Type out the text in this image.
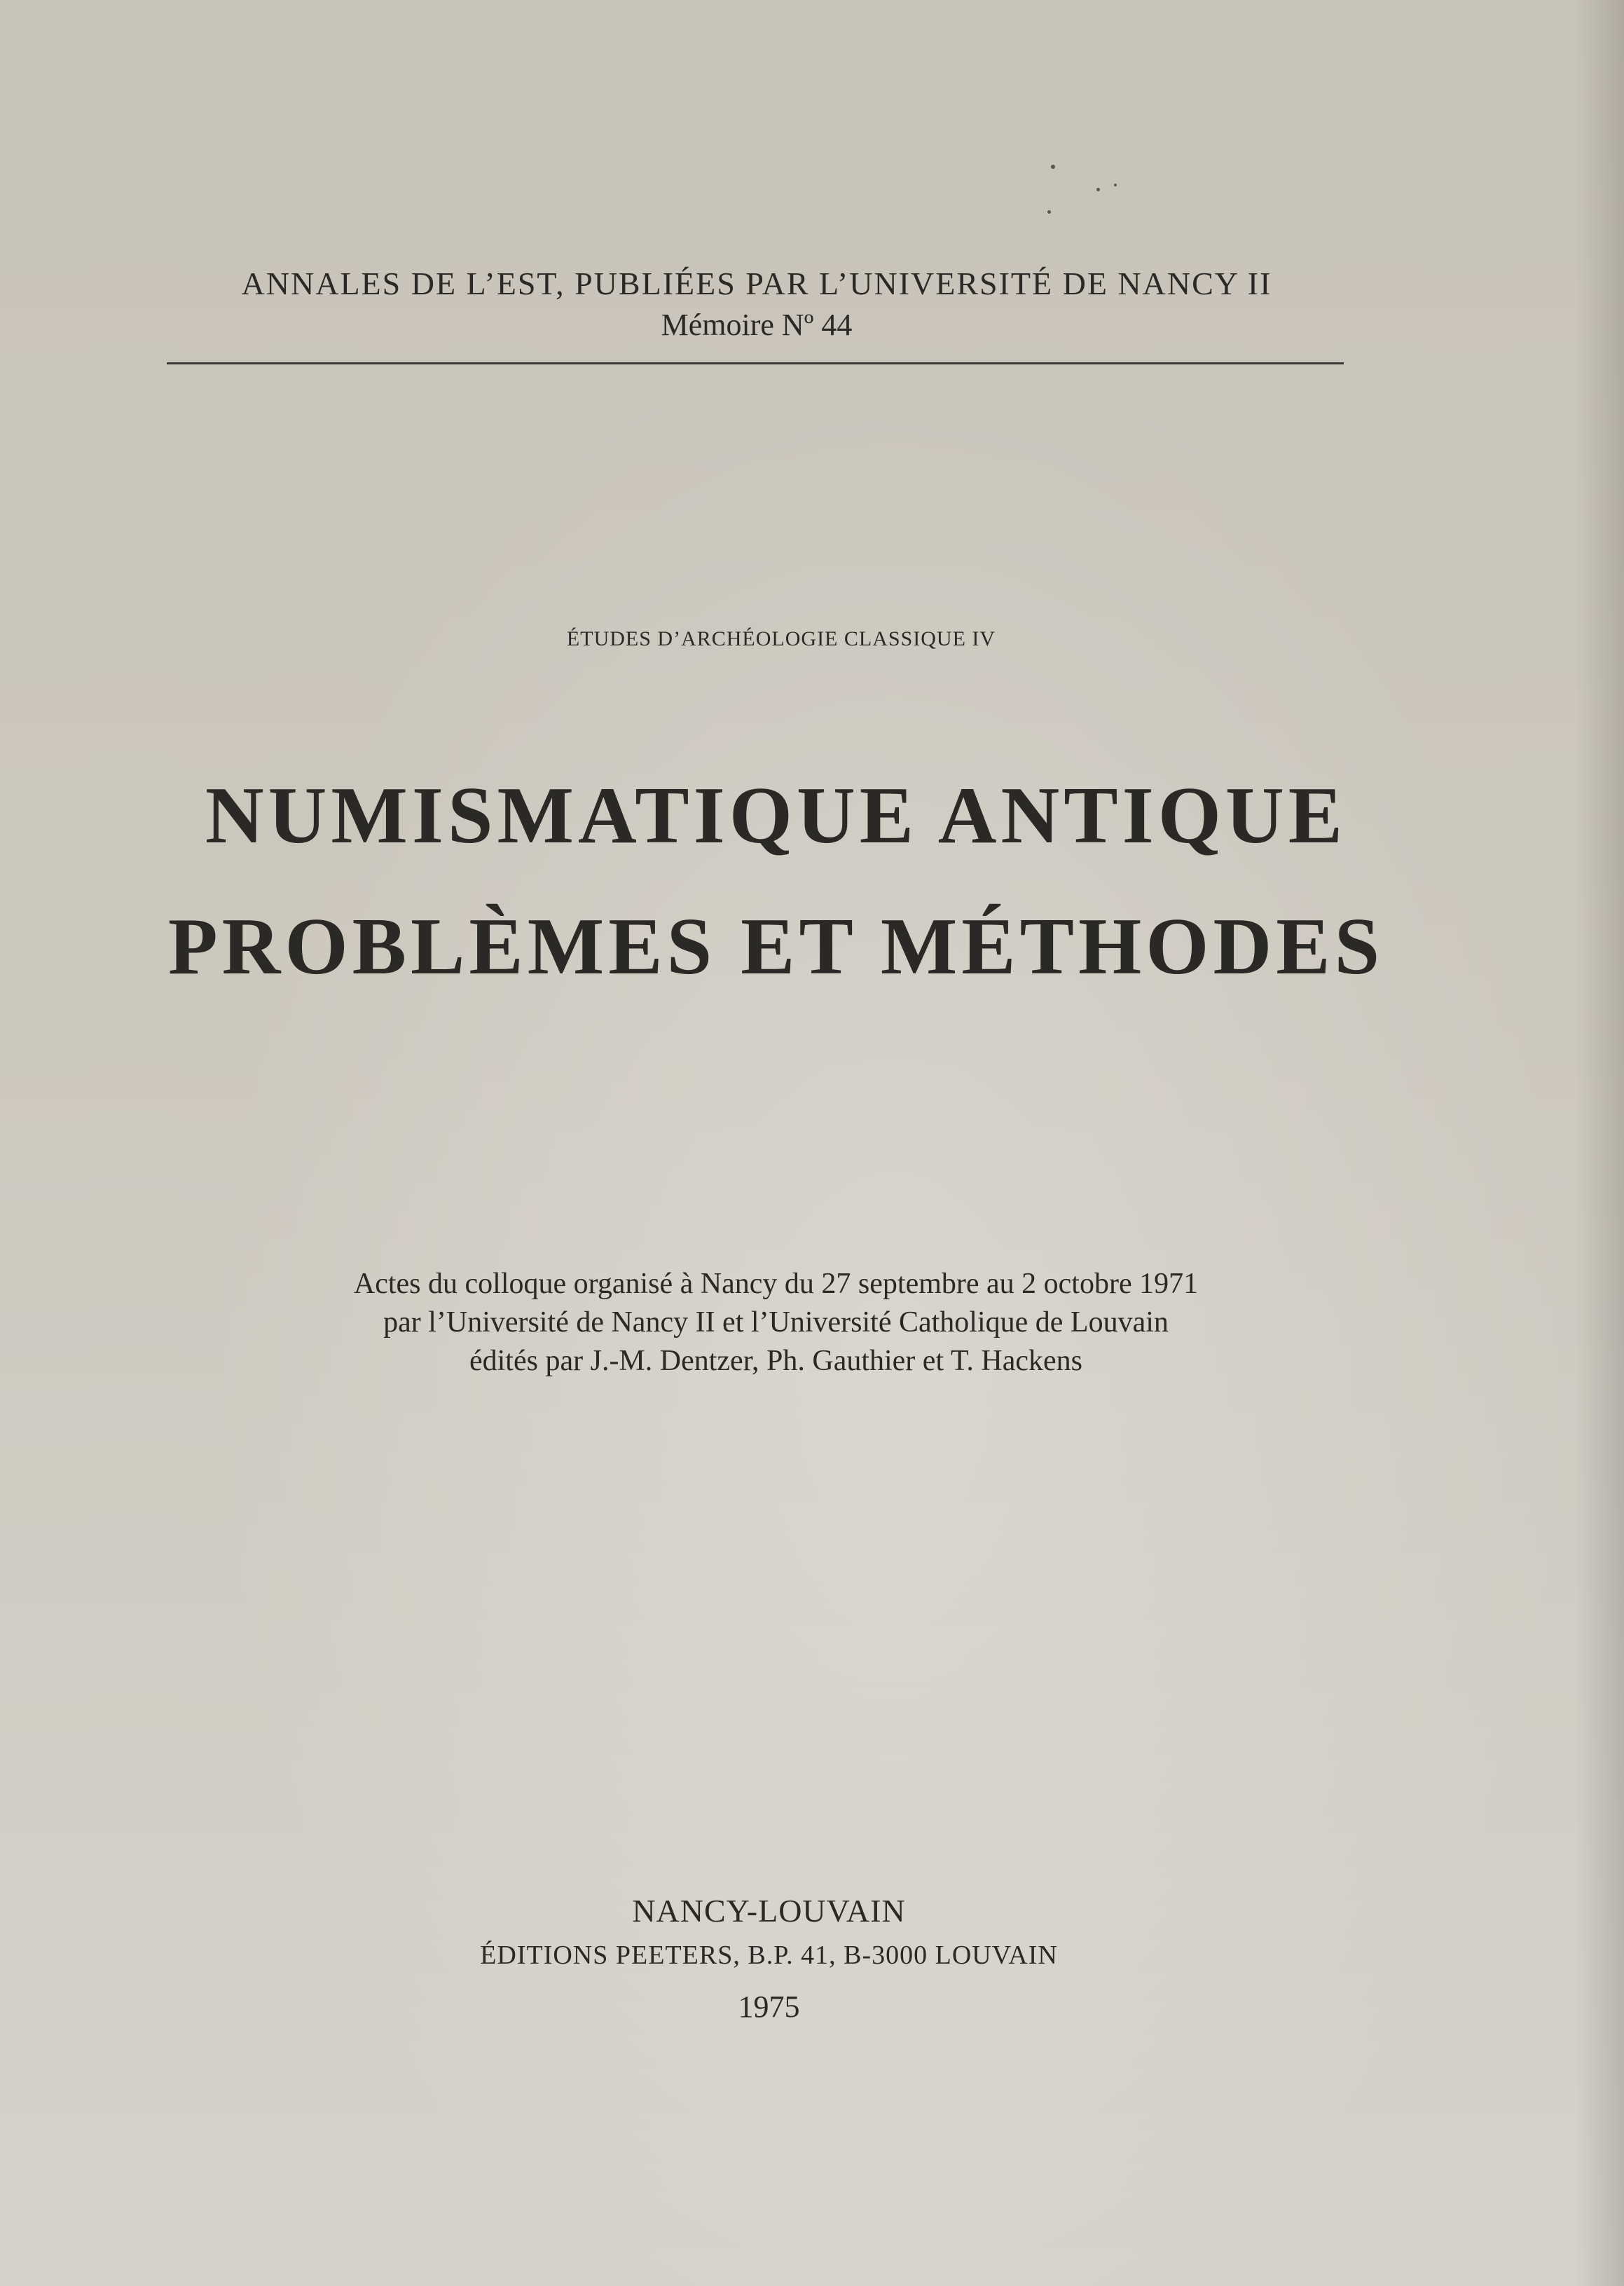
ANNALES DE L’EST, PUBLIÉES PAR L’UNIVERSITÉ DE NANCY II
Mémoire Nº 44
ÉTUDES D’ARCHÉOLOGIE CLASSIQUE IV
NUMISMATIQUE ANTIQUE
PROBLÈMES ET MÉTHODES
Actes du colloque organisé à Nancy du 27 septembre au 2 octobre 1971
par l’Université de Nancy II et l’Université Catholique de Louvain
édités par J.-M. Dentzer, Ph. Gauthier et T. Hackens
NANCY-LOUVAIN
ÉDITIONS PEETERS, B.P. 41, B-3000 LOUVAIN
1975
